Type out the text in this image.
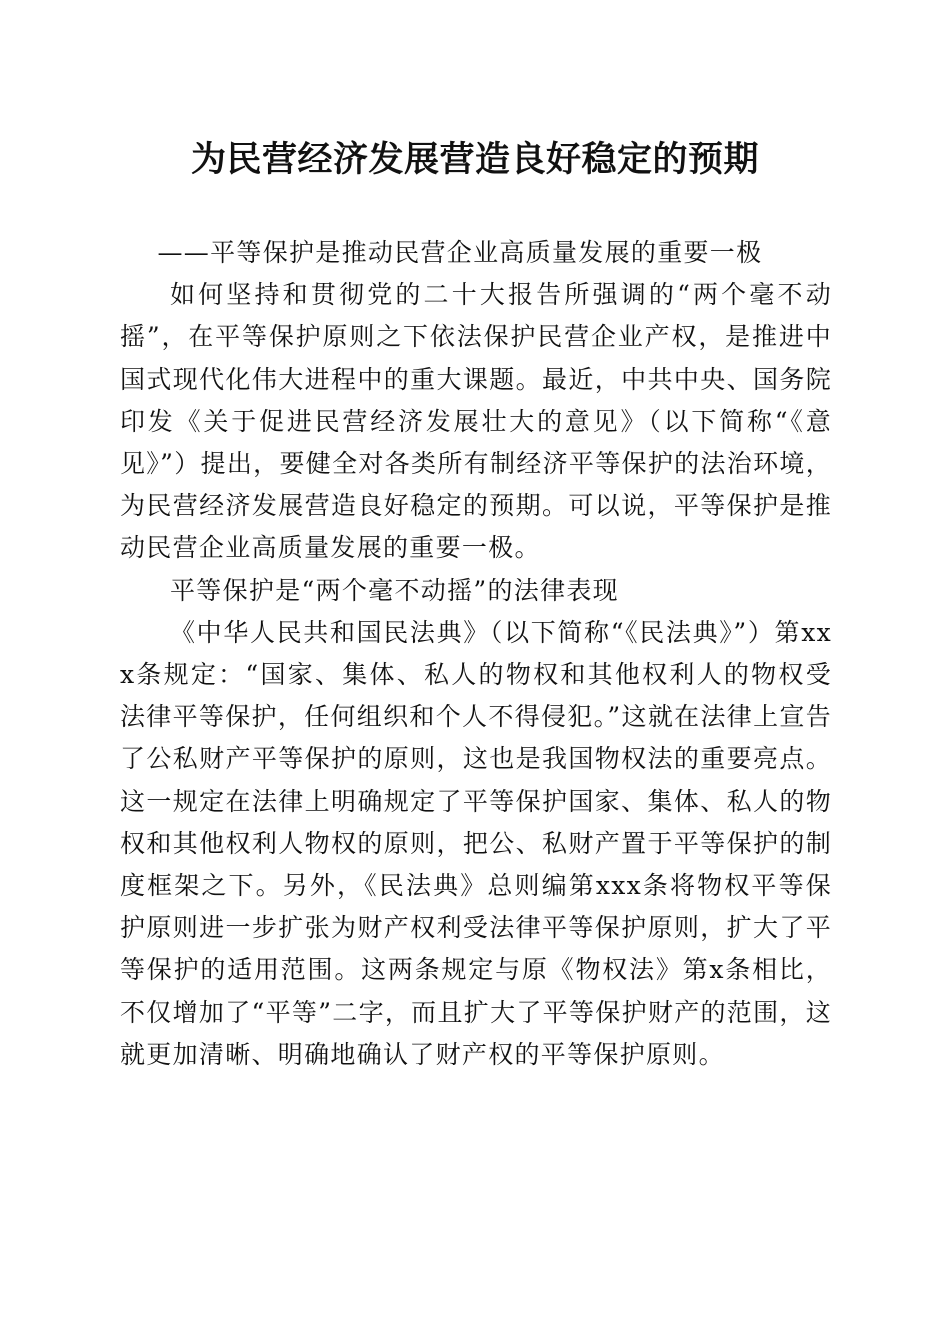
为民营经济发展营造良好稳定的预期

——平等保护是推动民营企业高质量发展的重要一极

如何坚持和贯彻党的二十大报告所强调的“两个毫不动摇”，在平等保护原则之下依法保护民营企业产权，是推进中国式现代化伟大进程中的重大课题。最近，中共中央、国务院印发《关于促进民营经济发展壮大的意见》（以下简称“《意见》”）提出，要健全对各类所有制经济平等保护的法治环境，为民营经济发展营造良好稳定的预期。可以说，平等保护是推动民营企业高质量发展的重要一极。

平等保护是“两个毫不动摇”的法律表现

《中华人民共和国民法典》（以下简称“《民法典》”）第xxx条规定：“国家、集体、私人的物权和其他权利人的物权受法律平等保护，任何组织和个人不得侵犯。”这就在法律上宣告了公私财产平等保护的原则，这也是我国物权法的重要亮点。这一规定在法律上明确规定了平等保护国家、集体、私人的物权和其他权利人物权的原则，把公、私财产置于平等保护的制度框架之下。另外，《民法典》总则编第xxx条将物权平等保护原则进一步扩张为财产权利受法律平等保护原则，扩大了平等保护的适用范围。这两条规定与原《物权法》第x条相比，不仅增加了“平等”二字，而且扩大了平等保护财产的范围，这就更加清晰、明确地确认了财产权的平等保护原则。
